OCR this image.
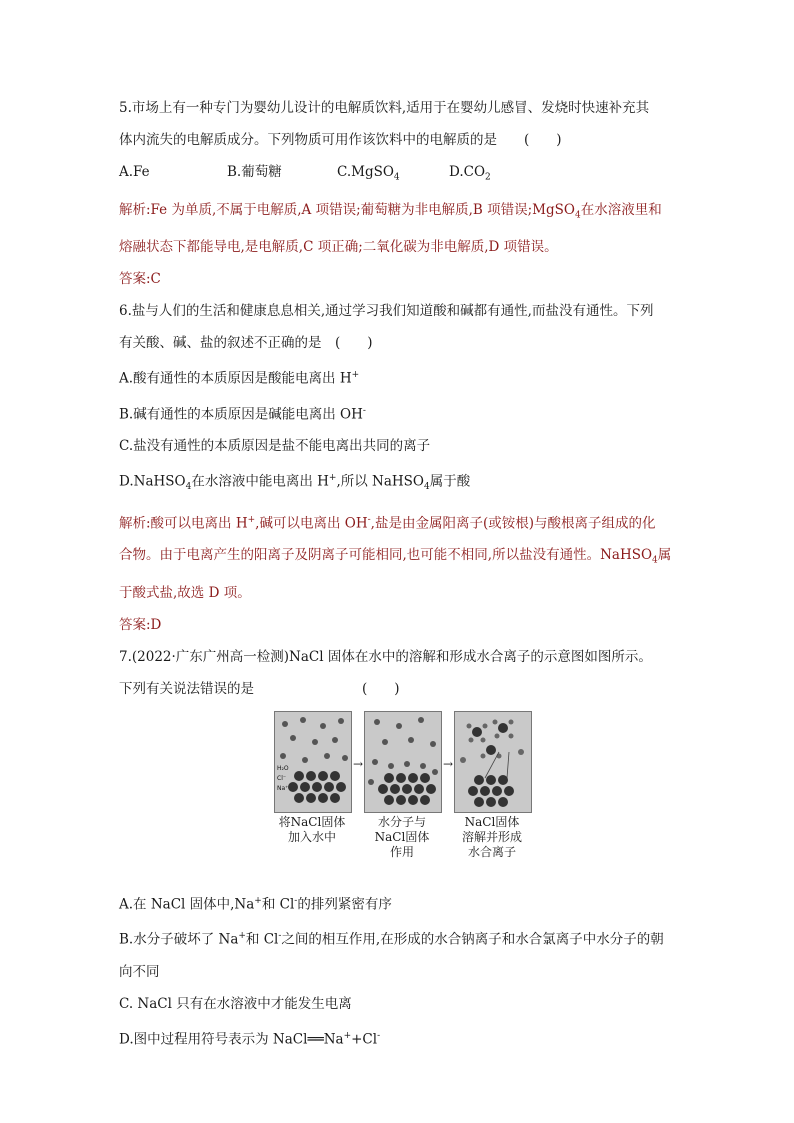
5.市场上有一种专门为婴幼儿设计的电解质饮料,适用于在婴幼儿感冒、发烧时快速补充其
体内流失的电解质成分。下列物质可用作该饮料中的电解质的是　　(　　)
A.Fe	B.葡萄糖	C.MgSO$_4$	$D.CO_2$
解析:Fe 为单质,不属于电解质,A 项错误;葡萄糖为非电解质,B 项错误;MgSO$_4$在水溶液里和
熔融状态下都能导电,是电解质,C 项正确;二氧化碳为非电解质,D 项错误。
答案:C
6.盐与人们的生活和健康息息相关,通过学习我们知道酸和碱都有通性,而盐没有通性。下列
有关酸、碱、盐的叙述不正确的是　(　　)
A.酸有通性的本质原因是酸能电离出 H+
B.碱有通性的本质原因是碱能电离出 OH-
C.盐没有通性的本质原因是盐不能电离出共同的离子
D.NaHSO$_4$在水溶液中能电离出 H+,所以 NaHSO$_4$属于酸
解析:酸可以电离出 H+,碱可以电离出 OH-,盐是由金属阳离子(或铵根)与酸根离子组成的化
合物。由于电离产生的阳离子及阴离子可能相同,也可能不相同,所以盐没有通性。NaHSO$_4$属
于酸式盐,故选 D 项。
答案:D
7.(2022·广东广州高一检测)NaCl 固体在水中的溶解和形成水合离子的示意图如图所示。
下列有关说法错误的是　　　　　　　　(　　)
H₂O
Cl⁻
Na⁺
→	→
将NaCl固体
加入水中
水分子与
NaCl固体
作用
NaCl固体
溶解并形成
水合离子
A.在 NaCl 固体中,Na+和 Cl-的排列紧密有序
B.水分子破坏了 Na+和 Cl-之间的相互作用,在形成的水合钠离子和水合氯离子中水分子的朝
向不同
C. NaCl 只有在水溶液中才能发生电离
D.图中过程用符号表示为 NaCl══Na++Cl-
